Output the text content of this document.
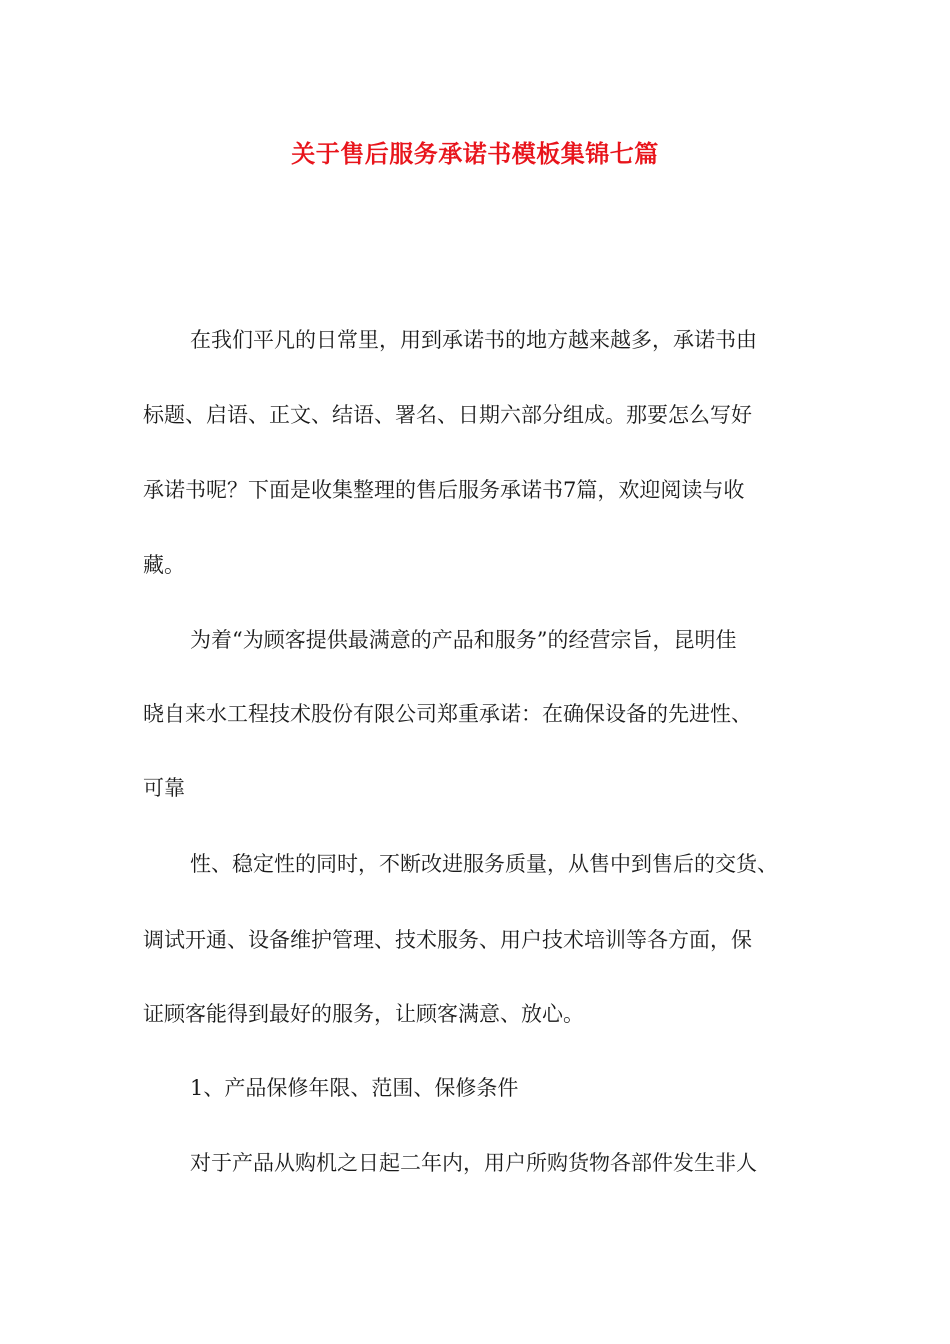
关于售后服务承诺书模板集锦七篇
在我们平凡的日常里，用到承诺书的地方越来越多，承诺书由
标题、启语、正文、结语、署名、日期六部分组成。那要怎么写好
承诺书呢？下面是收集整理的售后服务承诺书7篇，欢迎阅读与收
藏。
为着“为顾客提供最满意的产品和服务”的经营宗旨，昆明佳
晓自来水工程技术股份有限公司郑重承诺：在确保设备的先进性、
可靠
性、稳定性的同时，不断改进服务质量，从售中到售后的交货、
调试开通、设备维护管理、技术服务、用户技术培训等各方面，保
证顾客能得到最好的服务，让顾客满意、放心。
1、产品保修年限、范围、保修条件
对于产品从购机之日起二年内，用户所购货物各部件发生非人
